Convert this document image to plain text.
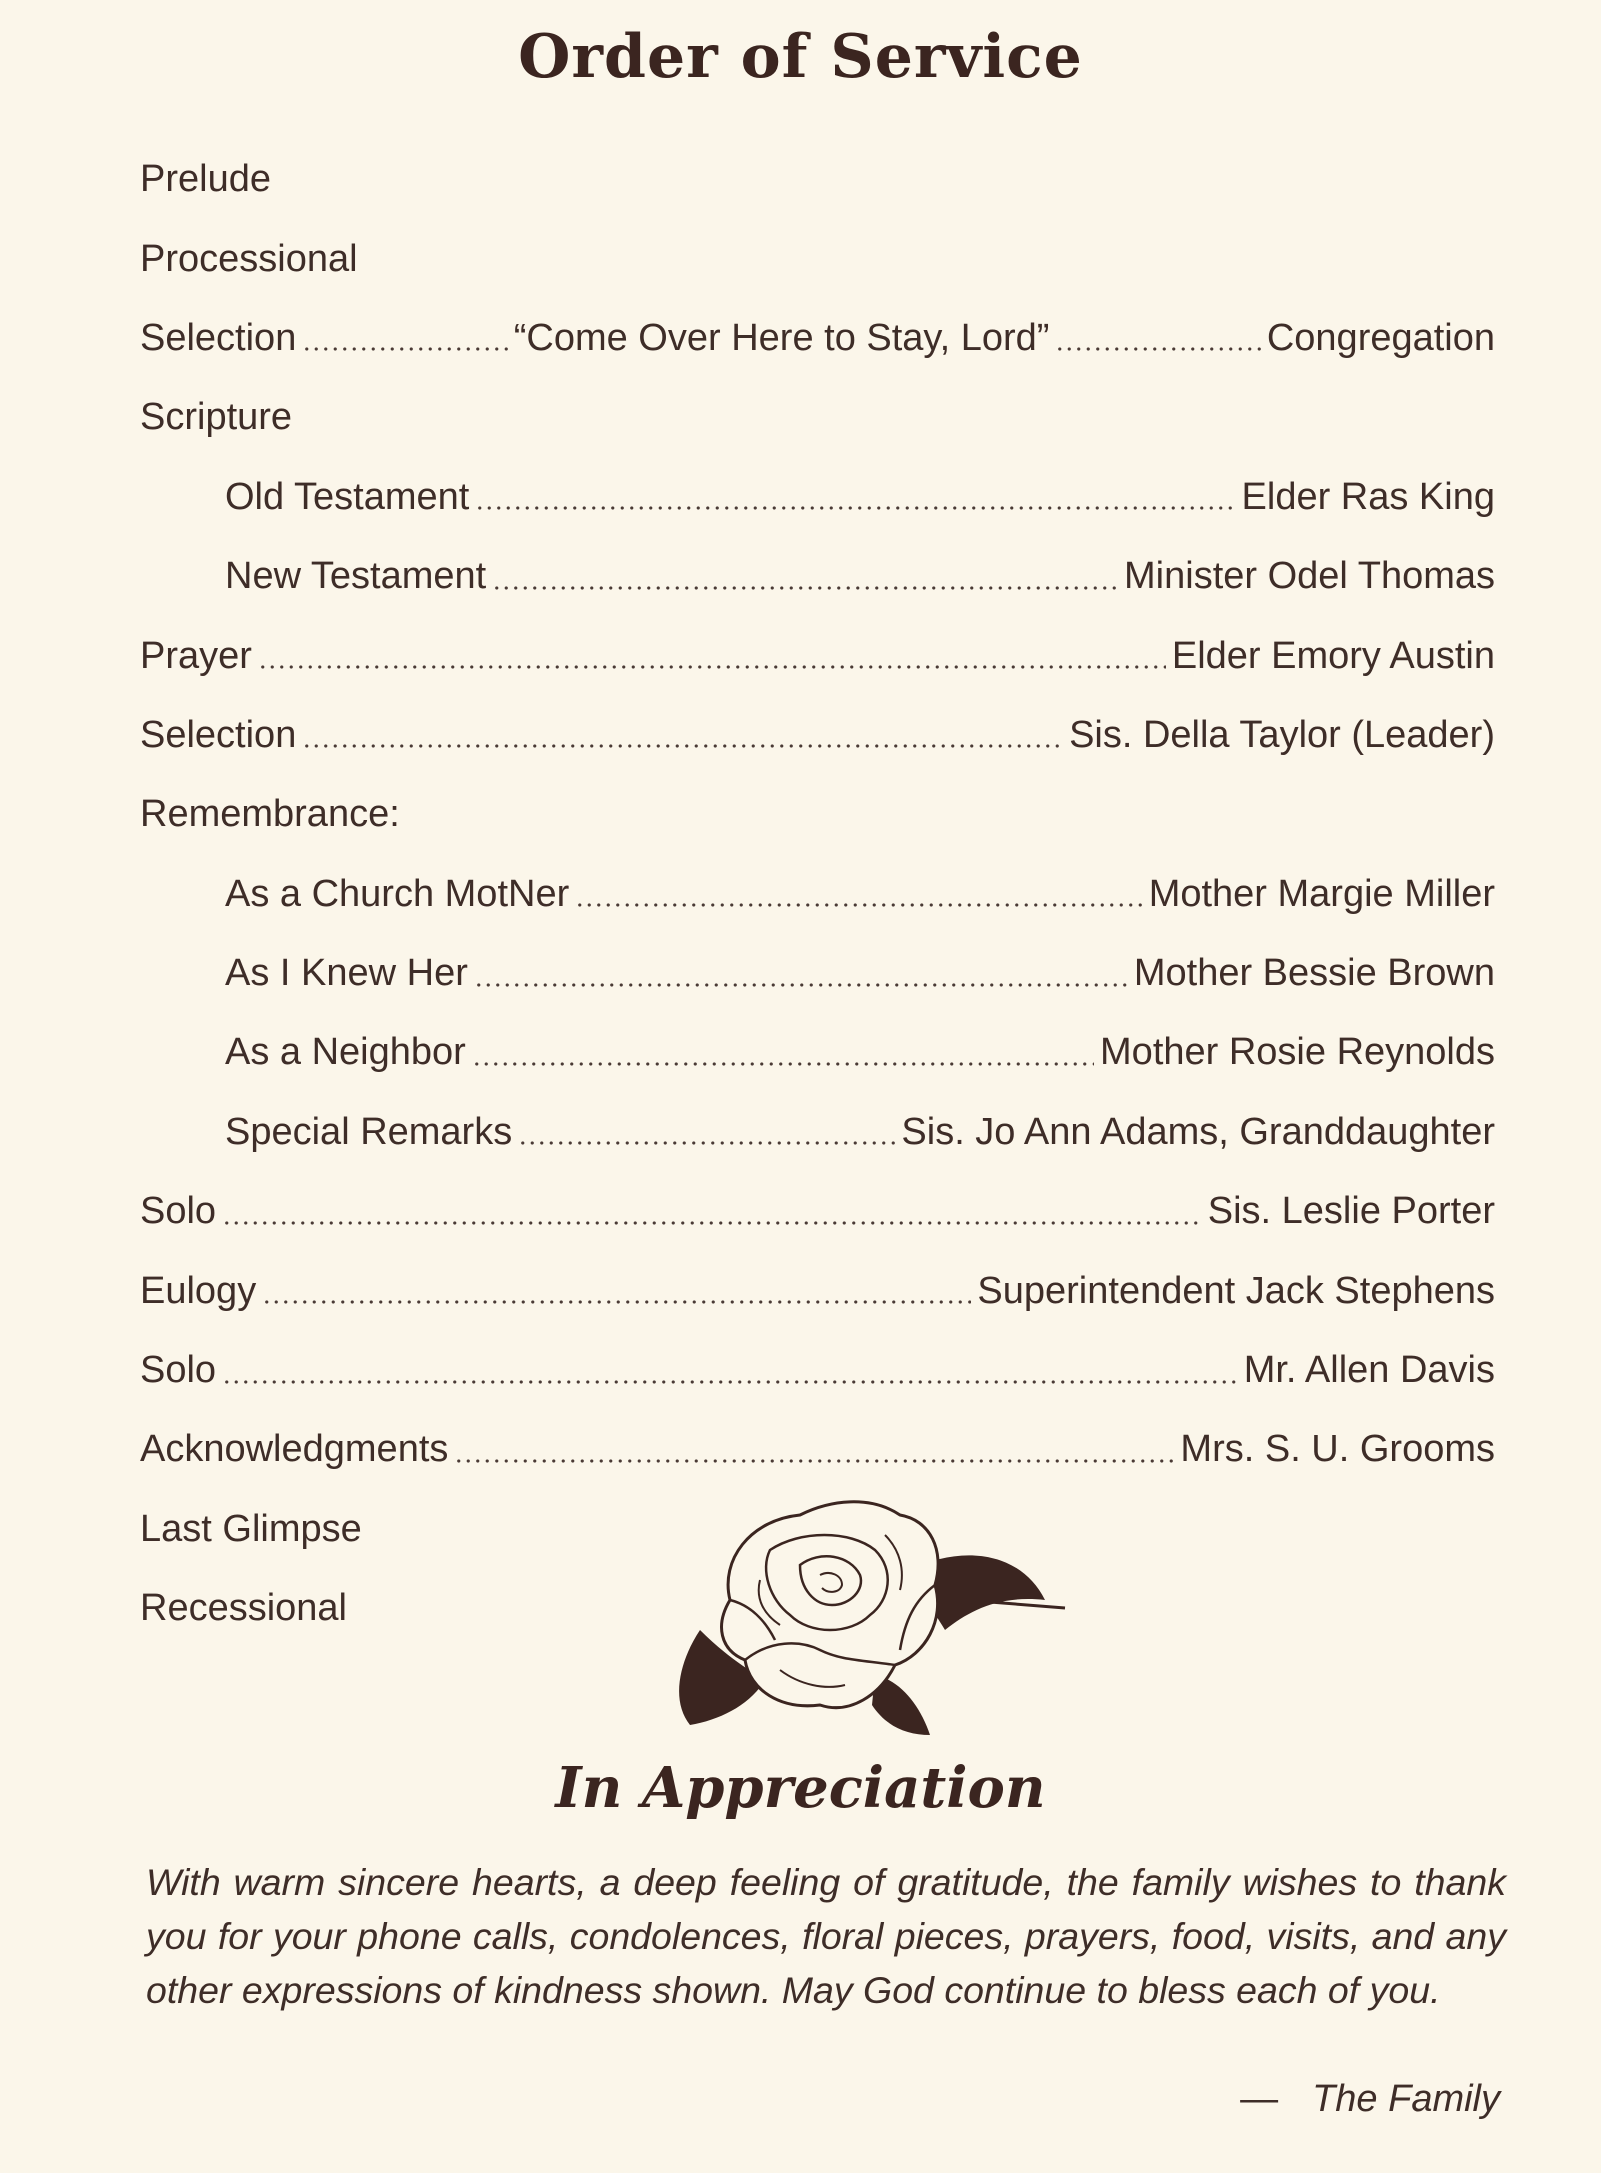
Order of Service
Prelude
Processional
Selection	“Come Over Here to Stay, Lord”	Congregation
Scripture
Old Testament	Elder Ras King
New Testament	Minister Odel Thomas
Prayer	Elder Emory Austin
Selection	Sis. Della Taylor (Leader)
Remembrance:
As a Church MotNer	Mother Margie Miller
As I Knew Her	Mother Bessie Brown
As a Neighbor	Mother Rosie Reynolds
Special Remarks	Sis. Jo Ann Adams, Granddaughter
Solo	Sis. Leslie Porter
Eulogy	Superintendent Jack Stephens
Solo	Mr. Allen Davis
Acknowledgments	Mrs. S. U. Grooms
Last Glimpse
Recessional
In Appreciation
With warm sincere hearts, a deep feeling of gratitude, the family wishes to thank you for your phone calls, condolences, floral pieces, prayers, food, visits, and any other expressions of kindness shown. May God continue to bless each of you.
— The Family
